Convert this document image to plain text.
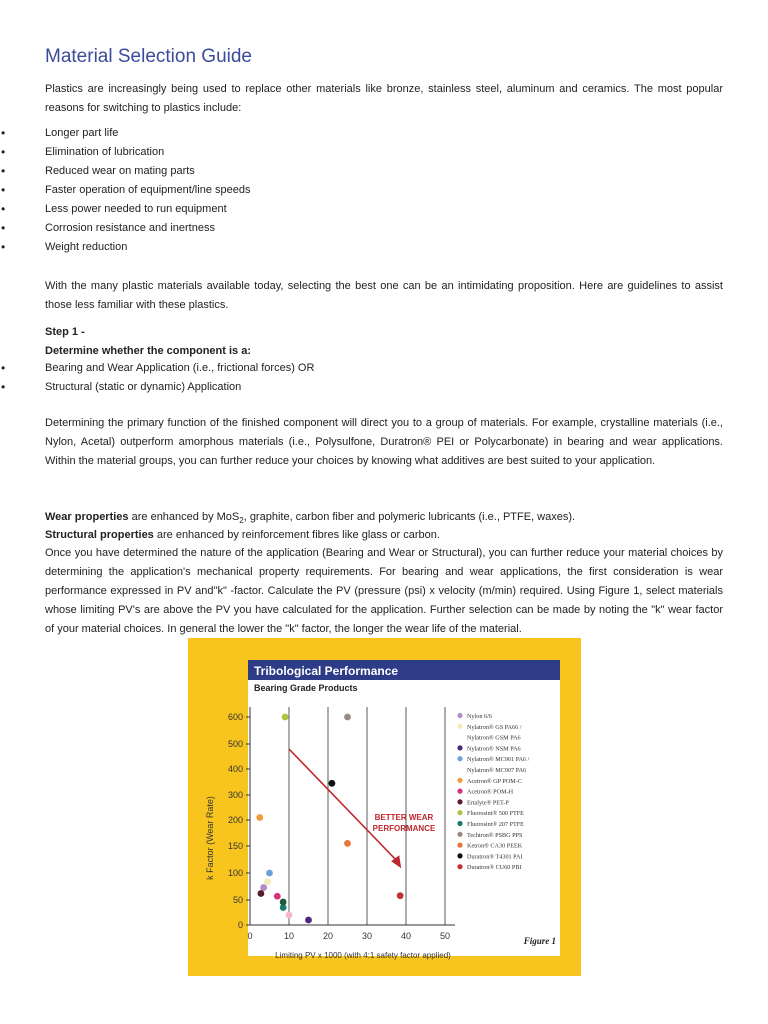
Material Selection Guide

Plastics are increasingly being used to replace other materials like bronze, stainless steel, aluminum and ceramics. The most popular reasons for switching to plastics include:

• Longer part life
• Elimination of lubrication
• Reduced wear on mating parts
• Faster operation of equipment/line speeds
• Less power needed to run equipment
• Corrosion resistance and inertness
• Weight reduction

With the many plastic materials available today, selecting the best one can be an intimidating proposition. Here are guidelines to assist those less familiar with these plastics.

Step 1 -

Determine whether the component is a:

• Bearing and Wear Application (i.e., frictional forces) OR
• Structural (static or dynamic) Application

Determining the primary function of the finished component will direct you to a group of materials. For example, crystalline materials (i.e., Nylon, Acetal) outperform amorphous materials (i.e., Polysulfone, Duratron® PEI or Polycarbonate) in bearing and wear applications. Within the material groups, you can further reduce your choices by knowing what additives are best suited to your application.

Wear properties are enhanced by MoS$_2$, graphite, carbon fiber and polymeric lubricants (i.e., PTFE, waxes).

Structural properties are enhanced by reinforcement fibres like glass or carbon.

Once you have determined the nature of the application (Bearing and Wear or Structural), you can further reduce your material choices by determining the application's mechanical property requirements. For bearing and wear applications, the first consideration is wear performance expressed in PV and"k" -factor. Calculate the PV (pressure (psi) x velocity (m/min) required. Using Figure 1, select materials whose limiting PV's are above the PV you have calculated for the application. Further selection can be made by noting the "k" wear factor of your material choices. In general the lower the "k" factor, the longer the wear life of the material.

Tribological Performance
Bearing Grade Products
0	10	20	30	40	50
0
50
100
150
200
300
400
500
600
k Factor (Wear Rate)
Limiting PV x 1000 (with 4:1 safety factor applied)
Figure 1
BETTER WEAR
PERFORMANCE
Nylon 6/6
Nylatron® GS PA66 /
Nylatron® GSM PA6
Nylatron® NSM PA6
Nylatron® MC901 PA6 /
Nylatron® MC907 PA6
Acetron® GP POM-C
Acetron® POM-H
Ertalyte® PET-P
Fluorosint® 500 PTFE
Fluorosint® 207 PTFE
Techtron® PSBG PPS
Ketron® CA30 PEEK
Duratron® T4301 PAI
Duratron® CU60 PBI
